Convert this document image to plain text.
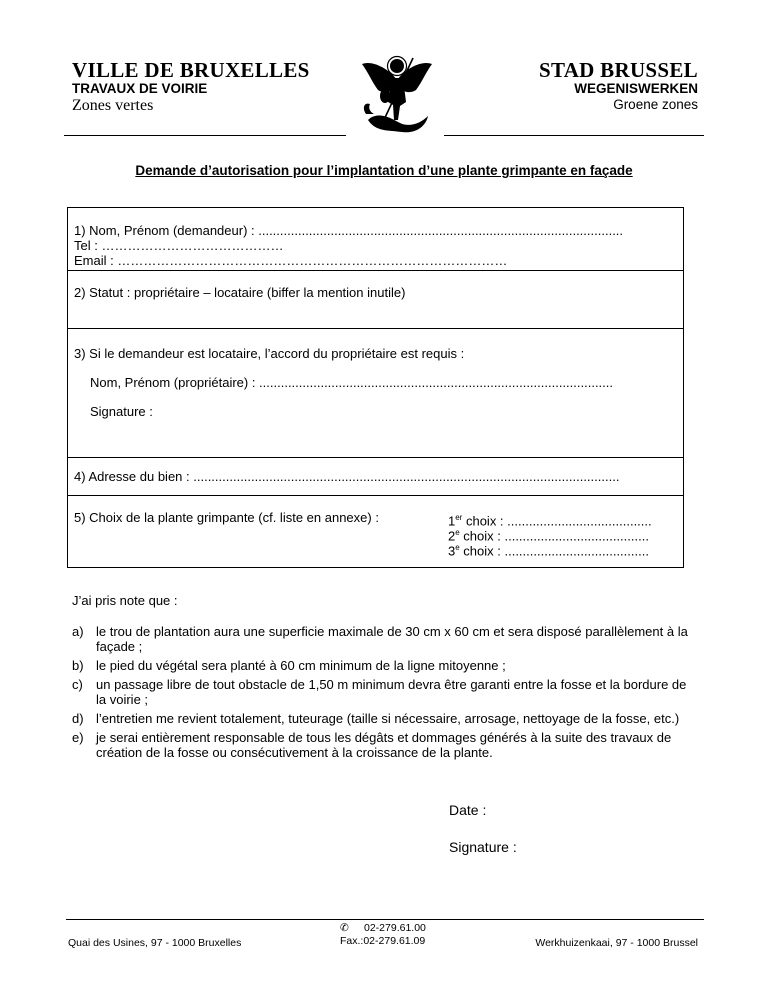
VILLE DE BRUXELLES
TRAVAUX DE VOIRIE
Zones vertes
STAD BRUSSEL
WEGENISWERKEN
Groene zones
Demande d’autorisation pour l’implantation d’une plante grimpante en façade
1) Nom, Prénom (demandeur) : .....................................................................................................
Tel : ……………………………………
Email : ………………………………………………………………………………
2) Statut : propriétaire – locataire (biffer la mention inutile)
3) Si le demandeur est locataire, l’accord du propriétaire est requis :
Nom, Prénom (propriétaire) : ..................................................................................................
Signature :
4) Adresse du bien : ......................................................................................................................
5) Choix de la plante grimpante (cf. liste en annexe) :	1er choix : ........................................
2e choix : ........................................
3e choix : ........................................
J’ai pris note que :
a) le trou de plantation aura une superficie maximale de 30 cm x 60 cm et sera disposé parallèlement à la façade ;
b) le pied du végétal sera planté à 60 cm minimum de la ligne mitoyenne ;
c) un passage libre de tout obstacle de 1,50 m minimum devra être garanti entre la fosse et la bordure de la voirie ;
d) l’entretien me revient totalement, tuteurage (taille si nécessaire, arrosage, nettoyage de la fosse, etc.)
e) je serai entièrement responsable de tous les dégâts et dommages générés à la suite des travaux de création de la fosse ou consécutivement à la croissance de la plante.
Date :
Signature :
Quai des Usines, 97 - 1000 Bruxelles
✆ 02-279.61.00
Fax.:02-279.61.09	Werkhuizenkaai, 97 - 1000 Brussel
